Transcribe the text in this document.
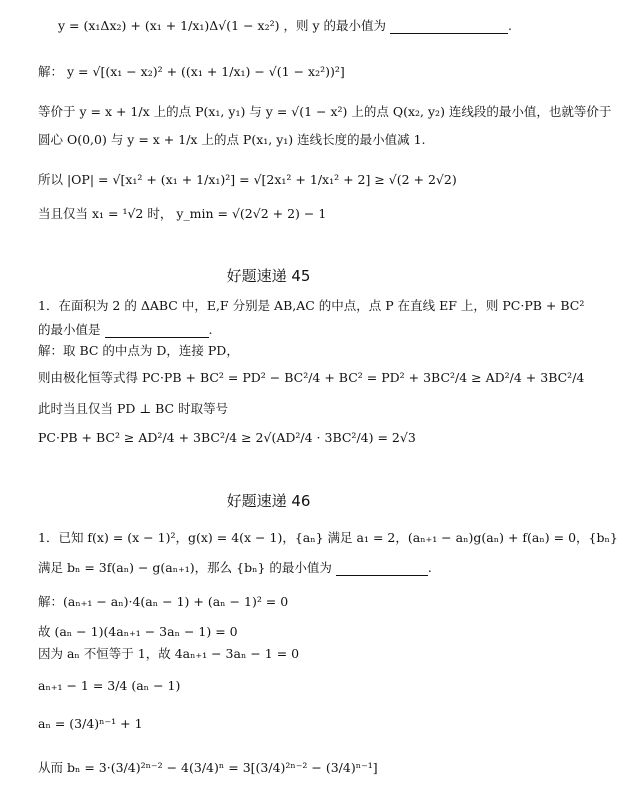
y = (x₁Δx₂) + (x₁ + 1/x₁)Δ√(1 − x₂²) ，则 y 的最小值为	.
解： y = √[(x₁ − x₂)² + ((x₁ + 1/x₁) − √(1 − x₂²))²]
等价于 y = x + 1/x 上的点 P(x₁, y₁) 与 y = √(1 − x²) 上的点 Q(x₂, y₂) 连线段的最小值，也就等价于
圆心 O(0,0) 与 y = x + 1/x 上的点 P(x₁, y₁) 连线长度的最小值减 1.
所以 |OP| = √[x₁² + (x₁ + 1/x₁)²] = √[2x₁² + 1/x₁² + 2] ≥ √(2 + 2√2)
当且仅当 x₁ = ¹√2 时， y_min = √(2√2 + 2) − 1
好题速递 45
1．在面积为 2 的 ΔABC 中，E,F 分别是 AB,AC 的中点，点 P 在直线 EF 上，则 PC·PB + BC²
的最小值是	.
解：取 BC 的中点为 D，连接 PD，
则由极化恒等式得 PC·PB + BC² = PD² − BC²/4 + BC² = PD² + 3BC²/4 ≥ AD²/4 + 3BC²/4
此时当且仅当 PD ⊥ BC 时取等号
PC·PB + BC² ≥ AD²/4 + 3BC²/4 ≥ 2√(AD²/4 · 3BC²/4) = 2√3
好题速递 46
1．已知 f(x) = (x − 1)²，g(x) = 4(x − 1)，{aₙ} 满足 a₁ = 2，(aₙ₊₁ − aₙ)g(aₙ) + f(aₙ) = 0，{bₙ}
满足 bₙ = 3f(aₙ) − g(aₙ₊₁)，那么 {bₙ} 的最小值为	.
解：(aₙ₊₁ − aₙ)·4(aₙ − 1) + (aₙ − 1)² = 0
故 (aₙ − 1)(4aₙ₊₁ − 3aₙ − 1) = 0
因为 aₙ 不恒等于 1，故 4aₙ₊₁ − 3aₙ − 1 = 0
aₙ₊₁ − 1 = 3/4 (aₙ − 1)
aₙ = (3/4)ⁿ⁻¹ + 1
从而 bₙ = 3·(3/4)²ⁿ⁻² − 4(3/4)ⁿ = 3[(3/4)²ⁿ⁻² − (3/4)ⁿ⁻¹]
